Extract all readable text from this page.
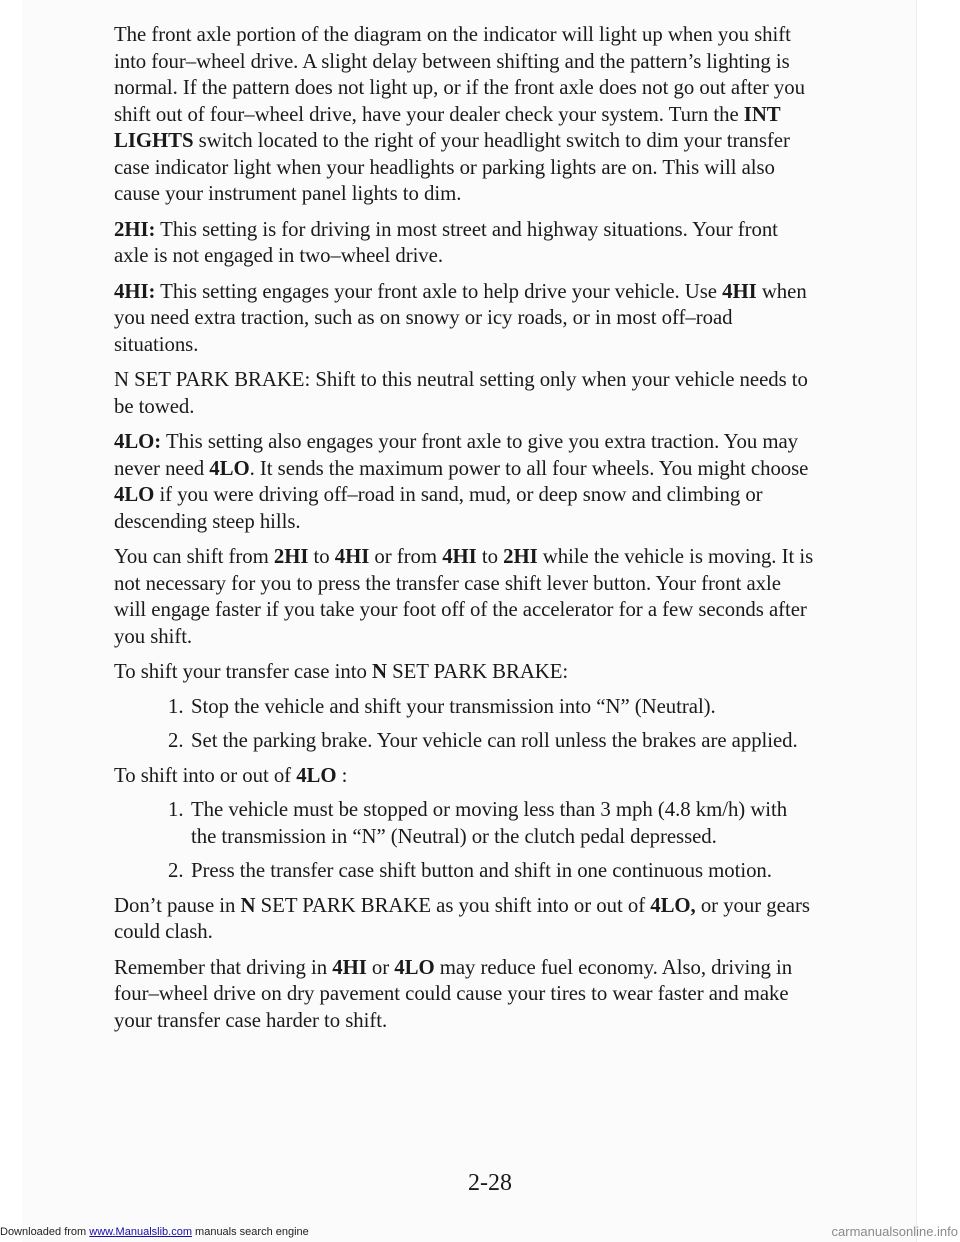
The front axle portion of the diagram on the indicator will light up when you shift into four–wheel drive. A slight delay between shifting and the pattern’s lighting is normal. If the pattern does not light up, or if the front axle does not go out after you shift out of four–wheel drive, have your dealer check your system. Turn the INT LIGHTS switch located to the right of your headlight switch to dim your transfer case indicator light when your headlights or parking lights are on. This will also cause your instrument panel lights to dim.

2HI: This setting is for driving in most street and highway situations. Your front axle is not engaged in two–wheel drive.

4HI: This setting engages your front axle to help drive your vehicle. Use 4HI when you need extra traction, such as on snowy or icy roads, or in most off–road situations.

N SET PARK BRAKE: Shift to this neutral setting only when your vehicle needs to be towed.

4LO: This setting also engages your front axle to give you extra traction. You may never need 4LO. It sends the maximum power to all four wheels. You might choose 4LO if you were driving off–road in sand, mud, or deep snow and climbing or descending steep hills.

You can shift from 2HI to 4HI or from 4HI to 2HI while the vehicle is moving. It is not necessary for you to press the transfer case shift lever button. Your front axle will engage faster if you take your foot off of the accelerator for a few seconds after you shift.

To shift your transfer case into N SET PARK BRAKE:

1. Stop the vehicle and shift your transmission into “N” (Neutral).
2. Set the parking brake. Your vehicle can roll unless the brakes are applied.

To shift into or out of 4LO :

1. The vehicle must be stopped or moving less than 3 mph (4.8 km/h) with the transmission in “N” (Neutral) or the clutch pedal depressed.
2. Press the transfer case shift button and shift in one continuous motion.

Don’t pause in N SET PARK BRAKE as you shift into or out of 4LO, or your gears could clash.

Remember that driving in 4HI or 4LO may reduce fuel economy. Also, driving in four–wheel drive on dry pavement could cause your tires to wear faster and make your transfer case harder to shift.

2-28
Downloaded from www.Manualslib.com manuals search engine	carmanualsonline.info
